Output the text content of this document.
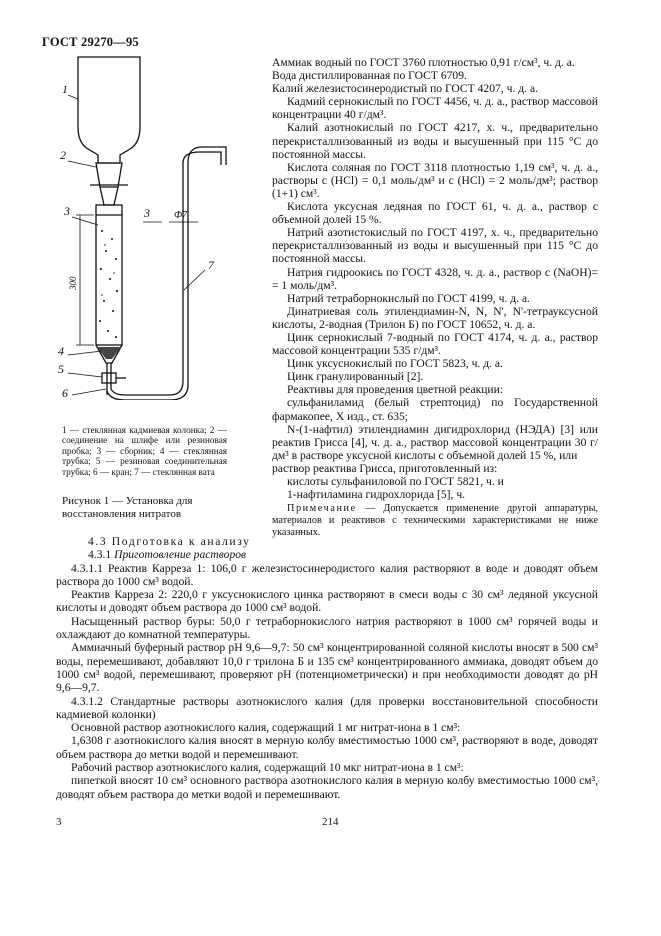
ГОСТ 29270—95
1
2
3
4
5
6
3
7
Ф7
300
1 — стеклянная кадмиевая колонка; 2 — соединение на шлифе или резиновая пробка; 3 — сборник; 4 — стеклянная трубка; 5 — резиновая соединительная трубка; 6 — кран; 7 — стеклянная вата
Рисунок 1 — Установка для восстановления нитратов

Аммиак водный по ГОСТ 3760 плотностью 0,91 г/см³, ч. д. а.

Вода дистиллированная по ГОСТ 6709.

Калий железистосинеродистый по ГОСТ 4207, ч. д. а.

Кадмий сернокислый по ГОСТ 4456, ч. д. а., раствор массовой концентрации 40 г/дм³.

Калий азотнокислый по ГОСТ 4217, х. ч., предварительно перекристаллизованный из воды и высушенный при 115 °С до постоянной массы.

Кислота соляная по ГОСТ 3118 плотностью 1,19 см³, ч. д. а., растворы с (HCl) = 0,1 моль/дм³ и с (HCl) = 2 моль/дм³; раствор (1+1) см³.

Кислота уксусная ледяная по ГОСТ 61, ч. д. а., раствор с объемной долей 15 %.

Натрий азотистокислый по ГОСТ 4197, х. ч., предварительно перекристаллизованный из воды и высушенный при 115 °С до постоянной массы.

Натрия гидроокись по ГОСТ 4328, ч. д. а., раствор с (NaOH)= = 1 моль/дм³.

Натрий тетраборнокислый по ГОСТ 4199, ч. д. а.

Динатриевая соль этилендиамин-N, N, N', N'-тетрауксусной кислоты, 2-водная (Трилон Б) по ГОСТ 10652, ч. д. а.

Цинк сернокислый 7-водный по ГОСТ 4174, ч. д. а., раствор массовой концентрации 535 г/дм³.

Цинк уксуснокислый по ГОСТ 5823, ч. д. а.

Цинк гранулированный [2].

Реактивы для проведения цветной реакции:

сульфаниламид (белый стрептоцид) по Государственной фармакопее, X изд., ст. 635;

N-(1-нафтил) этилендиамин дигидрохлорид (НЭДА) [3] или реактив Грисса [4], ч. д. а., раствор массовой концентрации 30 г/дм³ в растворе уксусной кислоты с объемной долей 15 %, или

раствор реактива Грисса, приготовленный из:

кислоты сульфаниловой по ГОСТ 5821, ч. и

1-нафтиламина гидрохлорида [5], ч.

Примечание — Допускается применение другой аппаратуры, материалов и реактивов с техническими характеристиками не ниже указанных.

4.3 Подготовка к анализу

4.3.1 Приготовление растворов

4.3.1.1 Реактив Карреза 1: 106,0 г железистосинеродистого калия растворяют в воде и доводят объем раствора до 1000 см³ водой.

Реактив Карреза 2: 220,0 г уксуснокислого цинка растворяют в смеси воды с 30 см³ ледяной уксусной кислоты и доводят объем раствора до 1000 см³ водой.

Насыщенный раствор буры: 50,0 г тетраборнокислого натрия растворяют в 1000 см³ горячей воды и охлаждают до комнатной температуры.

Аммиачный буферный раствор рН 9,6—9,7: 50 см³ концентрированной соляной кислоты вносят в 500 см³ воды, перемешивают, добавляют 10,0 г трилона Б и 135 см³ концентрированного аммиака, доводят объем до 1000 см³ водой, перемешивают, проверяют рН (потенциометрически) и при необходимости доводят до рН 9,6—9,7.

4.3.1.2 Стандартные растворы азотнокислого калия (для проверки восстановительной способности кадмиевой колонки)

Основной раствор азотнокислого калия, содержащий 1 мг нитрат-иона в 1 см³:

1,6308 г азотнокислого калия вносят в мерную колбу вместимостью 1000 см³, растворяют в воде, доводят объем раствора до метки водой и перемешивают.

Рабочий раствор азотнокислого калия, содержащий 10 мкг нитрат-иона в 1 см³:

пипеткой вносят 10 см³ основного раствора азотнокислого калия в мерную колбу вместимостью 1000 см³, доводят объем раствора до метки водой и перемешивают.

3	214
